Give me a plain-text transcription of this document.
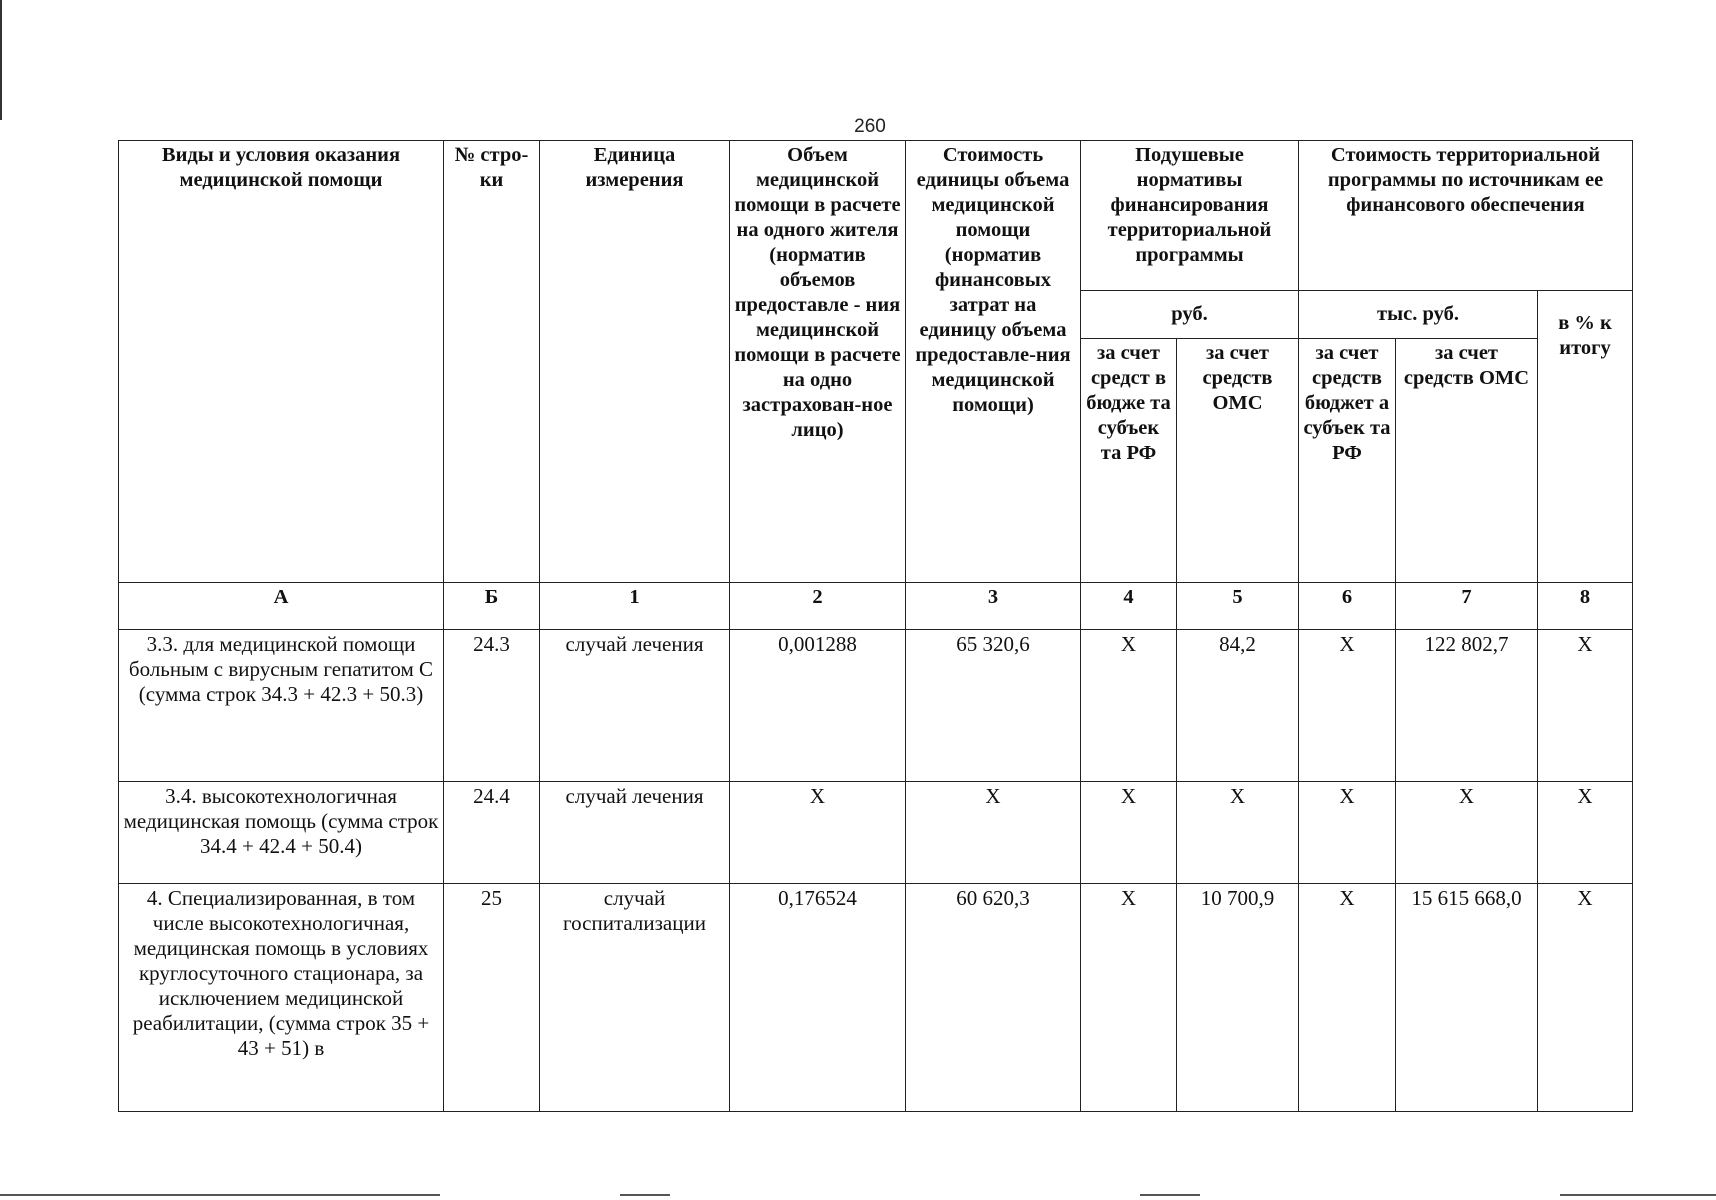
260
Виды и условия оказания медицинской помощи	№ стро-ки	Единица измерения	Объем медицинской помощи в расчете на одного жителя (норматив объемов предоставле - ния медицинской помощи в расчете на одно застрахован-ное лицо)	Стоимость единицы объема медицинской помощи (норматив финансовых затрат на единицу объема предоставле-ния медицинской помощи)	Подушевые нормативы финансирования территориальной программы		Стоимость территориальной программы по источникам ее финансового обеспечения		
					руб.		тыс. руб.		в % к итогу
					за счет средст в бюдже та субъек та РФ	за счет средств ОМС	за счет средств бюджет а субъек та РФ	за счет средств ОМС	
А	Б	1	2	3	4	5	6	7	8
3.3. для медицинской помощи больным с вирусным гепатитом С (сумма строк 34.3 + 42.3 + 50.3)	24.3	случай лечения	0,001288	65 320,6	Х	84,2	Х	122 802,7	Х
3.4. высокотехнологичная медицинская помощь (сумма строк 34.4 + 42.4 + 50.4)	24.4	случай лечения	Х	Х	Х	Х	Х	Х	Х
4. Специализированная, в том числе высокотехнологичная, медицинская помощь в условиях круглосуточного стационара, за исключением медицинской реабилитации, (сумма строк 35 + 43 + 51) в	25	случай госпитализации	0,176524	60 620,3	Х	10 700,9	Х	15 615 668,0	Х
